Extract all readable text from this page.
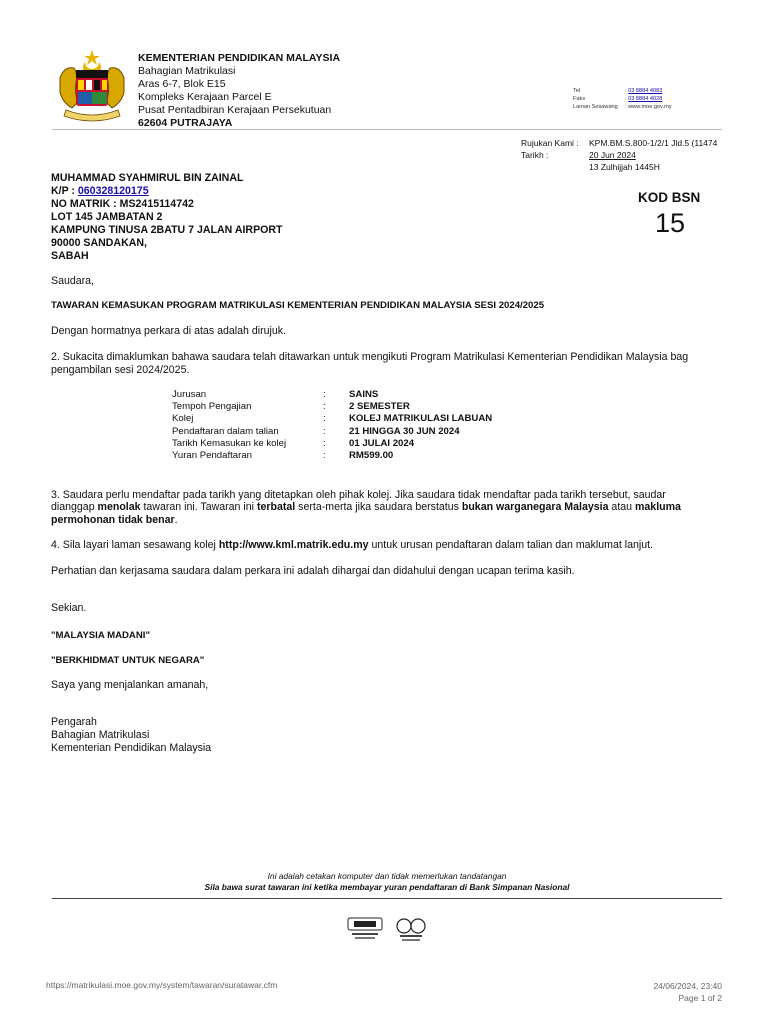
KEMENTERIAN PENDIDIKAN MALAYSIA
Bahagian Matrikulasi
Aras 6-7, Blok E15
Kompleks Kerajaan Parcel E
Pusat Pentadbiran Kerajaan Persekutuan
62604 PUTRAJAYA
Tel	: 03 8884 4083
Faks	: 03 8884 4028
Laman Sesawang : www.moe.gov.my
Rujukan Kami : KPM.BM.S.800-1/2/1 Jld.5 (11474
Tarikh :	20 Jun 2024
13 Zulhijjah 1445H
MUHAMMAD SYAHMIRUL BIN ZAINAL
K/P : 060328120175
NO MATRIK : MS2415114742
LOT 145 JAMBATAN 2
KAMPUNG TINUSA 2BATU 7 JALAN AIRPORT
90000 SANDAKAN,
SABAH
KOD BSN
15
Saudara,
TAWARAN KEMASUKAN PROGRAM MATRIKULASI KEMENTERIAN PENDIDIKAN MALAYSIA SESI 2024/2025
Dengan hormatnya perkara di atas adalah dirujuk.
2. Sukacita dimaklumkan bahawa saudara telah ditawarkan untuk mengikuti Program Matrikulasi Kementerian Pendidikan Malaysia bag
pengambilan sesi 2024/2025.
Jurusan	:	SAINS
Tempoh Pengajian	:	2 SEMESTER
Kolej	:	KOLEJ MATRIKULASI LABUAN
Pendaftaran dalam talian	:	21 HINGGA 30 JUN 2024
Tarikh Kemasukan ke kolej	:	01 JULAI 2024
Yuran Pendaftaran	:	RM599.00
3. Saudara perlu mendaftar pada tarikh yang ditetapkan oleh pihak kolej. Jika saudara tidak mendaftar pada tarikh tersebut, saudar
dianggap menolak tawaran ini. Tawaran ini terbatal serta-merta jika saudara berstatus bukan warganegara Malaysia atau makluma
permohonan tidak benar.
4. Sila layari laman sesawang kolej http://www.kml.matrik.edu.my untuk urusan pendaftaran dalam talian dan maklumat lanjut.
Perhatian dan kerjasama saudara dalam perkara ini adalah dihargai dan didahului dengan ucapan terima kasih.
Sekian.
"MALAYSIA MADANI"
"BERKHIDMAT UNTUK NEGARA"
Saya yang menjalankan amanah,
Pengarah
Bahagian Matrikulasi
Kementerian Pendidikan Malaysia
Ini adalah cetakan komputer dan tidak memerlukan tandatangan
Sila bawa surat tawaran ini ketika membayar yuran pendaftaran di Bank Simpanan Nasional
https://matrikulasi.moe.gov.my/system/tawaran/suratawar.cfm	24/06/2024, 23:40
Page 1 of 2
